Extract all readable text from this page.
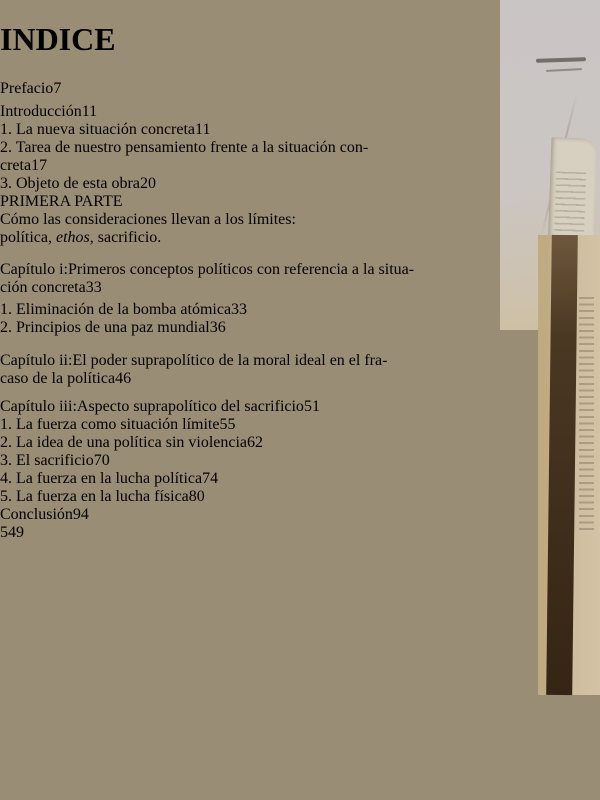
INDICE
Prefacio7
Introducción11
1. La nueva situación concreta11
2. Tarea de nuestro pensamiento frente a la situación con-
creta17
3. Objeto de esta obra20
PRIMERA PARTE
Cómo las consideraciones llevan a los límites:
política, ethos, sacrificio.
Capítulo i:Primeros conceptos políticos con referencia a la situa-
ción concreta33
1. Eliminación de la bomba atómica33
2. Principios de una paz mundial36
Capítulo ii:El poder suprapolítico de la moral ideal en el fra-
caso de la política46
Capítulo iii:Aspecto suprapolítico del sacrificio51
1. La fuerza como situación límite55
2. La idea de una política sin violencia62
3. El sacrificio70
4. La fuerza en la lucha política74
5. La fuerza en la lucha física80
Conclusión94
549
